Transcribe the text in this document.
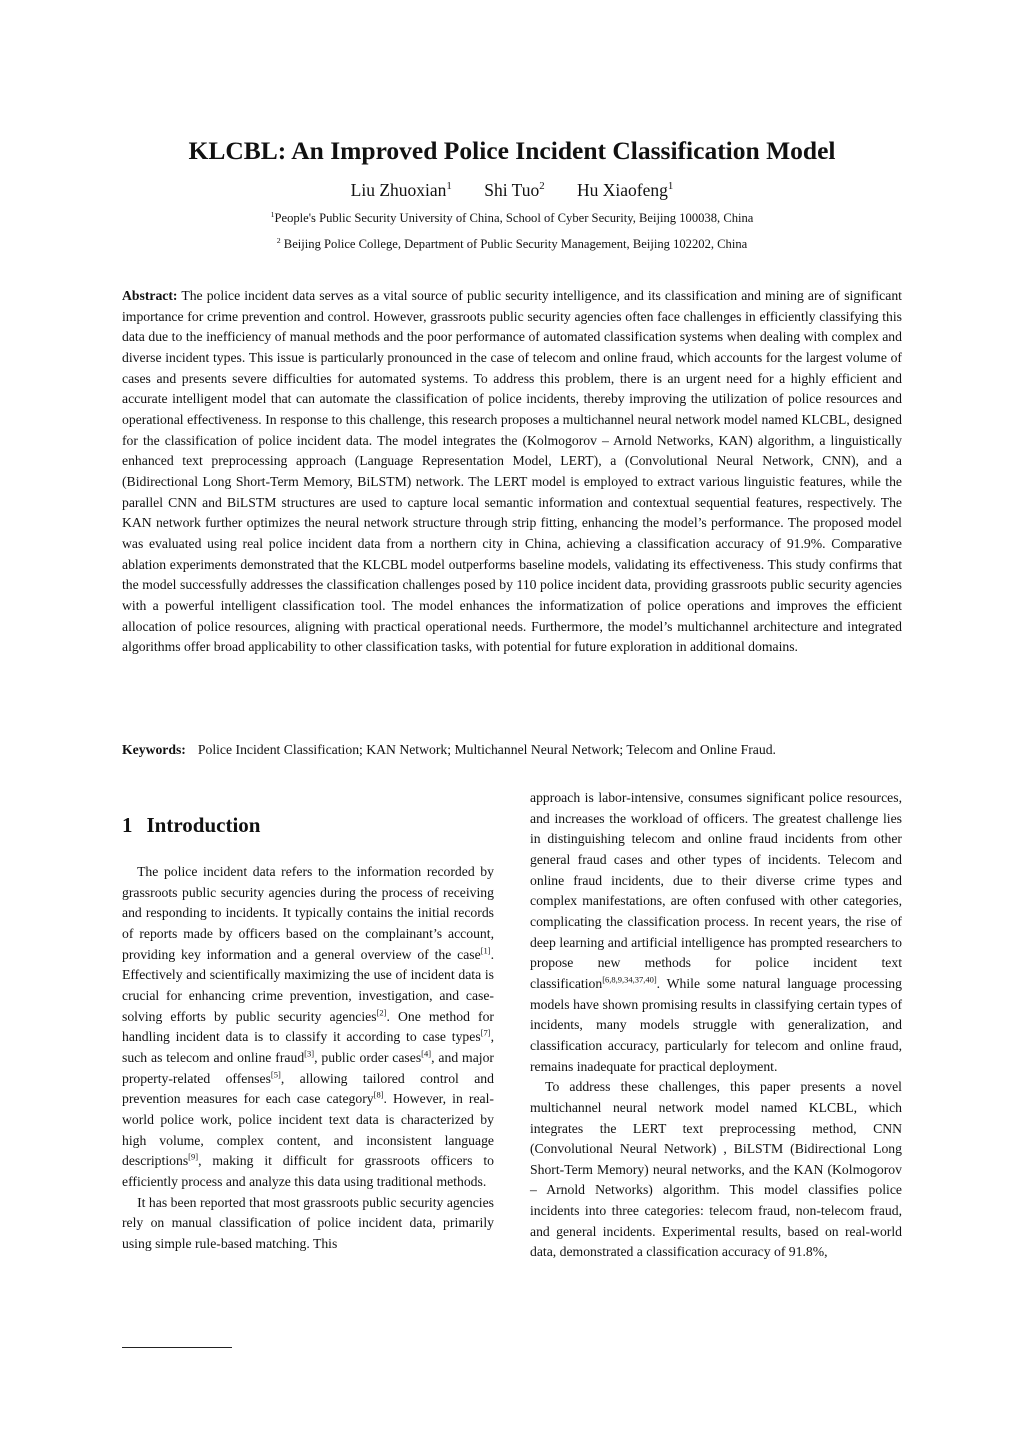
KLCBL: An Improved Police Incident Classification Model
Liu Zhuoxian$^1$ Shi Tuo$^2$ Hu Xiaofeng$^1$
$^1$People's Public Security University of China, School of Cyber Security, Beijing 100038, China
$^2$ Beijing Police College, Department of Public Security Management, Beijing 102202, China

Abstract: The police incident data serves as a vital source of public security intelligence, and its classification and mining are of significant importance for crime prevention and control. However, grassroots public security agencies often face challenges in efficiently classifying this data due to the inefficiency of manual methods and the poor performance of automated classification systems when dealing with complex and diverse incident types. This issue is particularly pronounced in the case of telecom and online fraud, which accounts for the largest volume of cases and presents severe difficulties for automated systems. To address this problem, there is an urgent need for a highly efficient and accurate intelligent model that can automate the classification of police incidents, thereby improving the utilization of police resources and operational effectiveness. In response to this challenge, this research proposes a multichannel neural network model named KLCBL, designed for the classification of police incident data. The model integrates the (Kolmogorov – Arnold Networks, KAN) algorithm, a linguistically enhanced text preprocessing approach (Language Representation Model, LERT), a (Convolutional Neural Network, CNN), and a (Bidirectional Long Short-Term Memory, BiLSTM) network. The LERT model is employed to extract various linguistic features, while the parallel CNN and BiLSTM structures are used to capture local semantic information and contextual sequential features, respectively. The KAN network further optimizes the neural network structure through strip fitting, enhancing the model’s performance. The proposed model was evaluated using real police incident data from a northern city in China, achieving a classification accuracy of 91.9%. Comparative ablation experiments demonstrated that the KLCBL model outperforms baseline models, validating its effectiveness. This study confirms that the model successfully addresses the classification challenges posed by 110 police incident data, providing grassroots public security agencies with a powerful intelligent classification tool. The model enhances the informatization of police operations and improves the efficient allocation of police resources, aligning with practical operational needs. Furthermore, the model’s multichannel architecture and integrated algorithms offer broad applicability to other classification tasks, with potential for future exploration in additional domains.

Keywords: Police Incident Classification; KAN Network; Multichannel Neural Network; Telecom and Online Fraud.

1 Introduction

The police incident data refers to the information recorded by grassroots public security agencies during the process of receiving and responding to incidents. It typically contains the initial records of reports made by officers based on the complainant’s account, providing key information and a general overview of the case[1]. Effectively and scientifically maximizing the use of incident data is crucial for enhancing crime prevention, investigation, and case-solving efforts by public security agencies[2]. One method for handling incident data is to classify it according to case types[7], such as telecom and online fraud[3], public order cases[4], and major property-related offenses[5], allowing tailored control and prevention measures for each case category[8]. However, in real-world police work, police incident text data is characterized by high volume, complex content, and inconsistent language descriptions[9], making it difficult for grassroots officers to efficiently process and analyze this data using traditional methods.

It has been reported that most grassroots public security agencies rely on manual classification of police incident data, primarily using simple rule-based matching. This

approach is labor-intensive, consumes significant police resources, and increases the workload of officers. The greatest challenge lies in distinguishing telecom and online fraud incidents from other general fraud cases and other types of incidents. Telecom and online fraud incidents, due to their diverse crime types and complex manifestations, are often confused with other categories, complicating the classification process. In recent years, the rise of deep learning and artificial intelligence has prompted researchers to propose new methods for police incident text classification[6,8,9,34,37,40]. While some natural language processing models have shown promising results in classifying certain types of incidents, many models struggle with generalization, and classification accuracy, particularly for telecom and online fraud, remains inadequate for practical deployment.

To address these challenges, this paper presents a novel multichannel neural network model named KLCBL, which integrates the LERT text preprocessing method, CNN (Convolutional Neural Network) , BiLSTM (Bidirectional Long Short-Term Memory) neural networks, and the KAN (Kolmogorov – Arnold Networks) algorithm. This model classifies police incidents into three categories: telecom fraud, non-telecom fraud, and general incidents. Experimental results, based on real-world data, demonstrated a classification accuracy of 91.8%,
